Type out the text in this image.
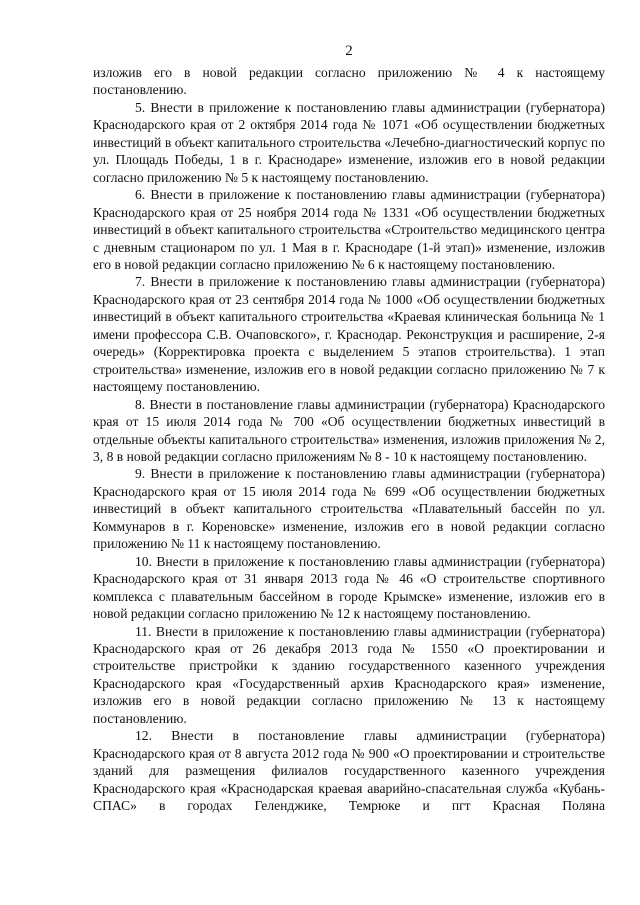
2

изложив его в новой редакции согласно приложению № 4 к настоящему постановлению.

5. Внести в приложение к постановлению главы администрации (губернатора) Краснодарского края от 2 октября 2014 года № 1071 «Об осуществлении бюджетных инвестиций в объект капитального строительства «Лечебно-диагностический корпус по ул. Площадь Победы, 1 в г. Краснодаре» изменение, изложив его в новой редакции согласно приложению № 5 к настоящему постановлению.

6. Внести в приложение к постановлению главы администрации (губернатора) Краснодарского края от 25 ноября 2014 года № 1331 «Об осуществлении бюджетных инвестиций в объект капитального строительства «Строительство медицинского центра с дневным стационаром по ул. 1 Мая в г. Краснодаре (1-й этап)» изменение, изложив его в новой редакции согласно приложению № 6 к настоящему постановлению.

7. Внести в приложение к постановлению главы администрации (губернатора) Краснодарского края от 23 сентября 2014 года № 1000 «Об осуществлении бюджетных инвестиций в объект капитального строительства «Краевая клиническая больница № 1 имени профессора С.В. Очаповского», г. Краснодар. Реконструкция и расширение, 2-я очередь» (Корректировка проекта с выделением 5 этапов строительства). 1 этап строительства» изменение, изложив его в новой редакции согласно приложению № 7 к настоящему постановлению.

8. Внести в постановление главы администрации (губернатора) Краснодарского края от 15 июля 2014 года № 700 «Об осуществлении бюджетных инвестиций в отдельные объекты капитального строительства» изменения, изложив приложения № 2, 3, 8 в новой редакции согласно приложениям № 8 - 10 к настоящему постановлению.

9. Внести в приложение к постановлению главы администрации (губернатора) Краснодарского края от 15 июля 2014 года № 699 «Об осуществлении бюджетных инвестиций в объект капитального строительства «Плавательный бассейн по ул. Коммунаров в г. Кореновске» изменение, изложив его в новой редакции согласно приложению № 11 к настоящему постановлению.

10. Внести в приложение к постановлению главы администрации (губернатора) Краснодарского края от 31 января 2013 года № 46 «О строительстве спортивного комплекса с плавательным бассейном в городе Крымске» изменение, изложив его в новой редакции согласно приложению № 12 к настоящему постановлению.

11. Внести в приложение к постановлению главы администрации (губернатора) Краснодарского края от 26 декабря 2013 года № 1550 «О проектировании и строительстве пристройки к зданию государственного казенного учреждения Краснодарского края «Государственный архив Краснодарского края» изменение, изложив его в новой редакции согласно приложению № 13 к настоящему постановлению.

12. Внести в постановление главы администрации (губернатора) Краснодарского края от 8 августа 2012 года № 900 «О проектировании и строительстве зданий для размещения филиалов государственного казенного учреждения Краснодарского края «Краснодарская краевая аварийно-спасательная служба «Кубань-СПАС» в городах Геленджике, Темрюке и пгт Красная Поляна
